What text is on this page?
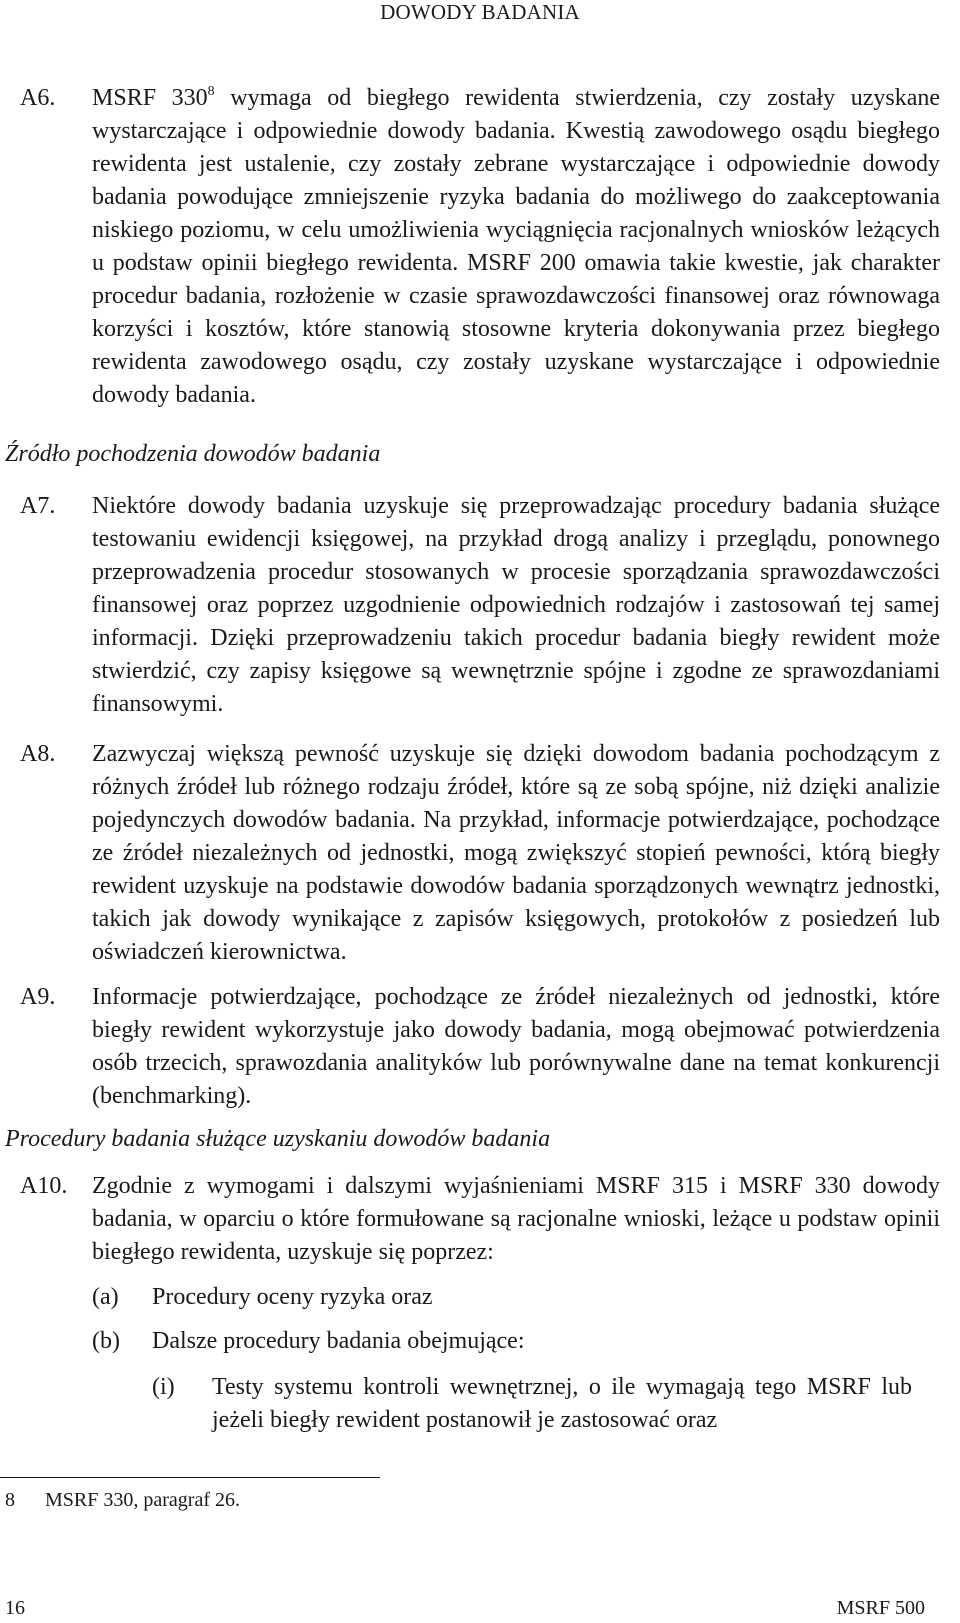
DOWODY BADANIA
A6. MSRF $330^8$ wymaga od biegłego rewidenta stwierdzenia, czy zostały uzyskane wystarczające i odpowiednie dowody badania. Kwestią zawodowego osądu biegłego rewidenta jest ustalenie, czy zostały zebrane wystarczające i odpowiednie dowody badania powodujące zmniejszenie ryzyka badania do możliwego do zaakceptowania niskiego poziomu, w celu umożliwienia wyciągnięcia racjonalnych wniosków leżących u podstaw opinii biegłego rewidenta. MSRF 200 omawia takie kwestie, jak charakter procedur badania, rozłożenie w czasie sprawozdawczości finansowej oraz równowaga korzyści i kosztów, które stanowią stosowne kryteria dokonywania przez biegłego rewidenta zawodowego osądu, czy zostały uzyskane wystarczające i odpowiednie dowody badania.
Źródło pochodzenia dowodów badania
A7. Niektóre dowody badania uzyskuje się przeprowadzając procedury badania służące testowaniu ewidencji księgowej, na przykład drogą analizy i przeglądu, ponownego przeprowadzenia procedur stosowanych w procesie sporządzania sprawozdawczości finansowej oraz poprzez uzgodnienie odpowiednich rodzajów i zastosowań tej samej informacji. Dzięki przeprowadzeniu takich procedur badania biegły rewident może stwierdzić, czy zapisy księgowe są wewnętrznie spójne i zgodne ze sprawozdaniami finansowymi.
A8. Zazwyczaj większą pewność uzyskuje się dzięki dowodom badania pochodzącym z różnych źródeł lub różnego rodzaju źródeł, które są ze sobą spójne, niż dzięki analizie pojedynczych dowodów badania. Na przykład, informacje potwierdzające, pochodzące ze źródeł niezależnych od jednostki, mogą zwiększyć stopień pewności, którą biegły rewident uzyskuje na podstawie dowodów badania sporządzonych wewnątrz jednostki, takich jak dowody wynikające z zapisów księgowych, protokołów z posiedzeń lub oświadczeń kierownictwa.
A9. Informacje potwierdzające, pochodzące ze źródeł niezależnych od jednostki, które biegły rewident wykorzystuje jako dowody badania, mogą obejmować potwierdzenia osób trzecich, sprawozdania analityków lub porównywalne dane na temat konkurencji (benchmarking).
Procedury badania służące uzyskaniu dowodów badania
A10. Zgodnie z wymogami i dalszymi wyjaśnieniami MSRF 315 i MSRF 330 dowody badania, w oparciu o które formułowane są racjonalne wnioski, leżące u podstaw opinii biegłego rewidenta, uzyskuje się poprzez:
(a) Procedury oceny ryzyka oraz
(b) Dalsze procedury badania obejmujące:
(i) Testy systemu kontroli wewnętrznej, o ile wymagają tego MSRF lub jeżeli biegły rewident postanowił je zastosować oraz
8 MSRF 330, paragraf 26.
16	MSRF 500
